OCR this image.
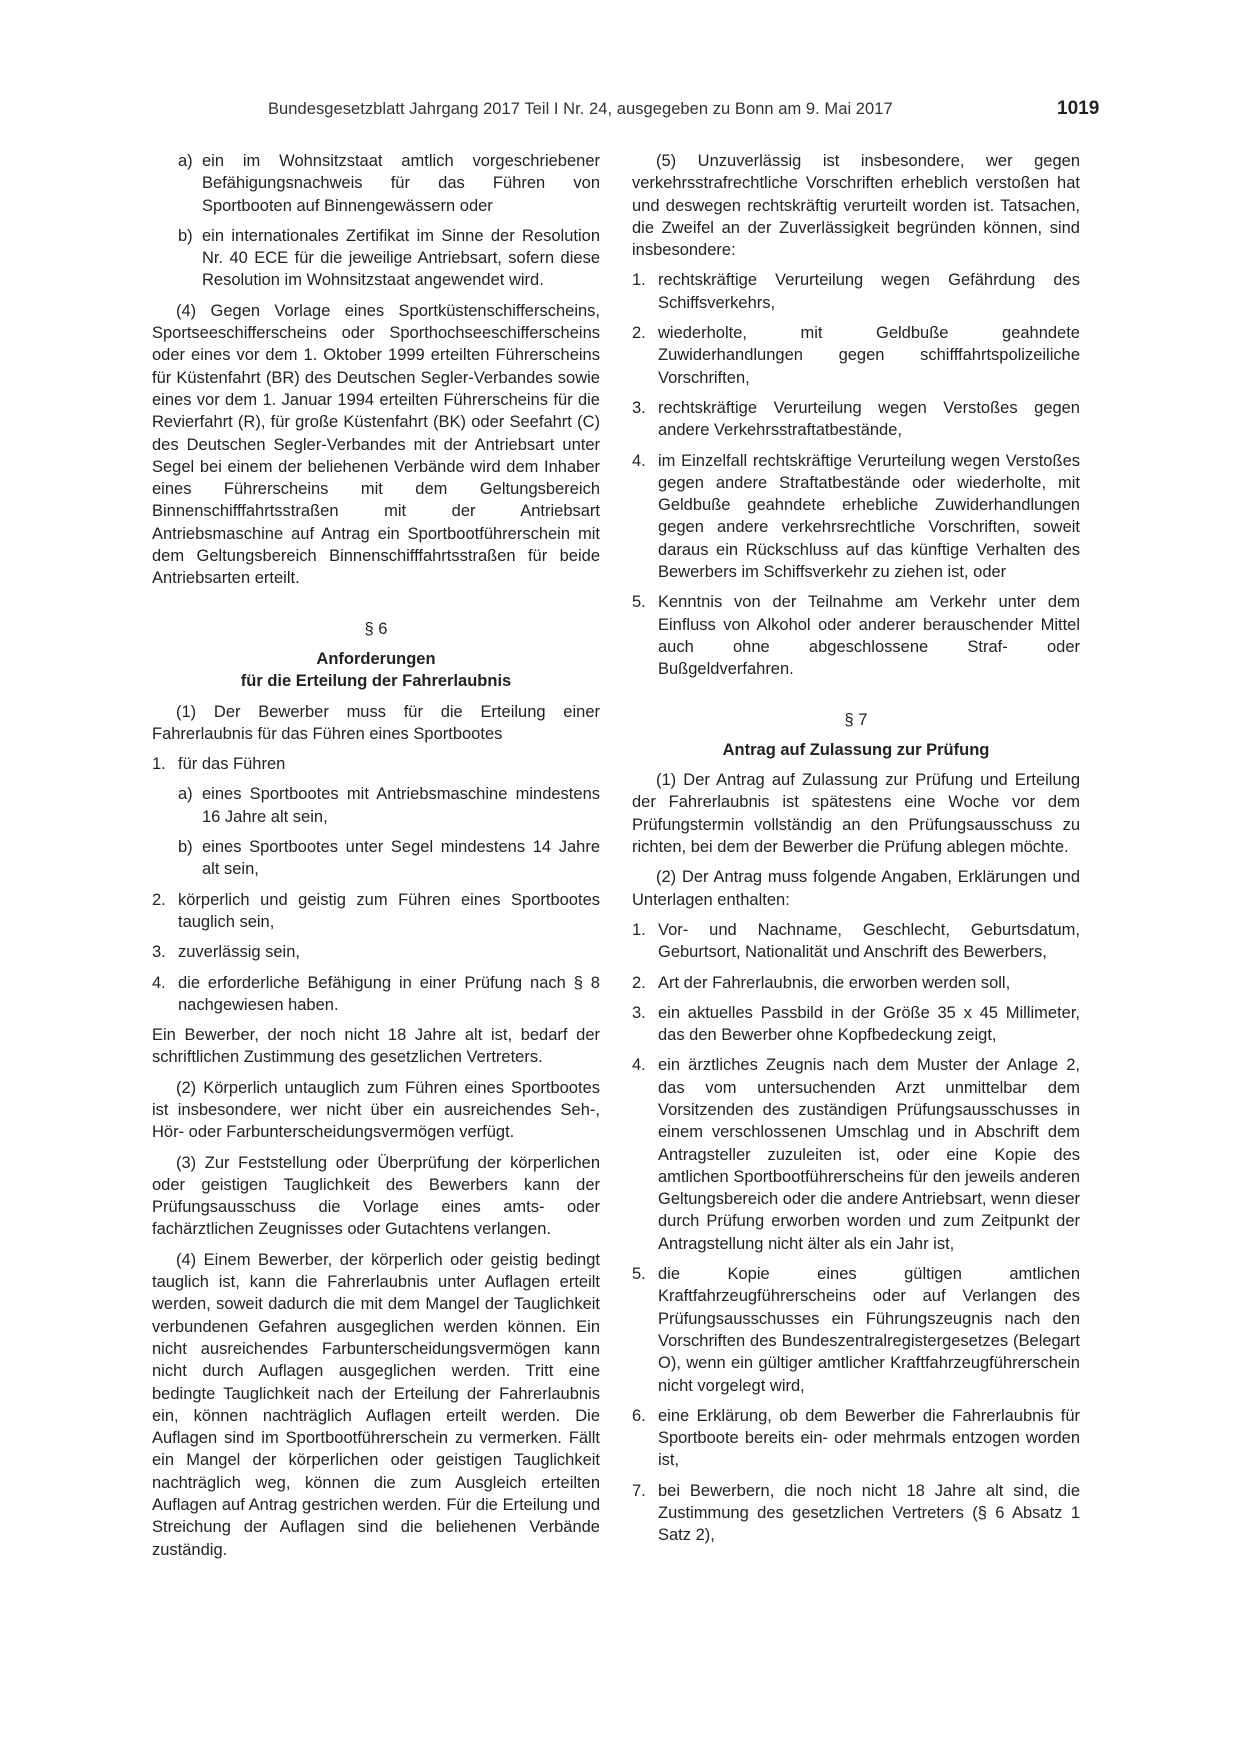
Bundesgesetzblatt Jahrgang 2017 Teil I Nr. 24, ausgegeben zu Bonn am 9. Mai 2017	1019
a) ein im Wohnsitzstaat amtlich vorgeschriebener Befähigungsnachweis für das Führen von Sportbooten auf Binnengewässern oder
b) ein internationales Zertifikat im Sinne der Resolution Nr. 40 ECE für die jeweilige Antriebsart, sofern diese Resolution im Wohnsitzstaat angewendet wird.

(4) Gegen Vorlage eines Sportküstenschifferscheins, Sportseeschifferscheins oder Sporthochseeschifferscheins oder eines vor dem 1. Oktober 1999 erteilten Führerscheins für Küstenfahrt (BR) des Deutschen Segler-Verbandes sowie eines vor dem 1. Januar 1994 erteilten Führerscheins für die Revierfahrt (R), für große Küstenfahrt (BK) oder Seefahrt (C) des Deutschen Segler-Verbandes mit der Antriebsart unter Segel bei einem der beliehenen Verbände wird dem Inhaber eines Führerscheins mit dem Geltungsbereich Binnenschifffahrtsstraßen mit der Antriebsart Antriebsmaschine auf Antrag ein Sportbootführerschein mit dem Geltungsbereich Binnenschifffahrtsstraßen für beide Antriebsarten erteilt.

§ 6
Anforderungen
für die Erteilung der Fahrerlaubnis

(1) Der Bewerber muss für die Erteilung einer Fahrerlaubnis für das Führen eines Sportbootes

1. für das Führen
a) eines Sportbootes mit Antriebsmaschine mindestens 16 Jahre alt sein,
b) eines Sportbootes unter Segel mindestens 14 Jahre alt sein,
2. körperlich und geistig zum Führen eines Sportbootes tauglich sein,
3. zuverlässig sein,
4. die erforderliche Befähigung in einer Prüfung nach § 8 nachgewiesen haben.

Ein Bewerber, der noch nicht 18 Jahre alt ist, bedarf der schriftlichen Zustimmung des gesetzlichen Vertreters.

(2) Körperlich untauglich zum Führen eines Sportbootes ist insbesondere, wer nicht über ein ausreichendes Seh-, Hör- oder Farbunterscheidungsvermögen verfügt.

(3) Zur Feststellung oder Überprüfung der körperlichen oder geistigen Tauglichkeit des Bewerbers kann der Prüfungsausschuss die Vorlage eines amts- oder fachärztlichen Zeugnisses oder Gutachtens verlangen.

(4) Einem Bewerber, der körperlich oder geistig bedingt tauglich ist, kann die Fahrerlaubnis unter Auflagen erteilt werden, soweit dadurch die mit dem Mangel der Tauglichkeit verbundenen Gefahren ausgeglichen werden können. Ein nicht ausreichendes Farbunterscheidungsvermögen kann nicht durch Auflagen ausgeglichen werden. Tritt eine bedingte Tauglichkeit nach der Erteilung der Fahrerlaubnis ein, können nachträglich Auflagen erteilt werden. Die Auflagen sind im Sportbootführerschein zu vermerken. Fällt ein Mangel der körperlichen oder geistigen Tauglichkeit nachträglich weg, können die zum Ausgleich erteilten Auflagen auf Antrag gestrichen werden. Für die Erteilung und Streichung der Auflagen sind die beliehenen Verbände zuständig.

(5) Unzuverlässig ist insbesondere, wer gegen verkehrsstrafrechtliche Vorschriften erheblich verstoßen hat und deswegen rechtskräftig verurteilt worden ist. Tatsachen, die Zweifel an der Zuverlässigkeit begründen können, sind insbesondere:

1. rechtskräftige Verurteilung wegen Gefährdung des Schiffsverkehrs,
2. wiederholte, mit Geldbuße geahndete Zuwiderhandlungen gegen schifffahrtspolizeiliche Vorschriften,
3. rechtskräftige Verurteilung wegen Verstoßes gegen andere Verkehrsstraftatbestände,
4. im Einzelfall rechtskräftige Verurteilung wegen Verstoßes gegen andere Straftatbestände oder wiederholte, mit Geldbuße geahndete erhebliche Zuwiderhandlungen gegen andere verkehrsrechtliche Vorschriften, soweit daraus ein Rückschluss auf das künftige Verhalten des Bewerbers im Schiffsverkehr zu ziehen ist, oder
5. Kenntnis von der Teilnahme am Verkehr unter dem Einfluss von Alkohol oder anderer berauschender Mittel auch ohne abgeschlossene Straf- oder Bußgeldverfahren.
§ 7
Antrag auf Zulassung zur Prüfung

(1) Der Antrag auf Zulassung zur Prüfung und Erteilung der Fahrerlaubnis ist spätestens eine Woche vor dem Prüfungstermin vollständig an den Prüfungsausschuss zu richten, bei dem der Bewerber die Prüfung ablegen möchte.

(2) Der Antrag muss folgende Angaben, Erklärungen und Unterlagen enthalten:

1. Vor- und Nachname, Geschlecht, Geburtsdatum, Geburtsort, Nationalität und Anschrift des Bewerbers,
2. Art der Fahrerlaubnis, die erworben werden soll,
3. ein aktuelles Passbild in der Größe 35 x 45 Millimeter, das den Bewerber ohne Kopfbedeckung zeigt,
4. ein ärztliches Zeugnis nach dem Muster der Anlage 2, das vom untersuchenden Arzt unmittelbar dem Vorsitzenden des zuständigen Prüfungsausschusses in einem verschlossenen Umschlag und in Abschrift dem Antragsteller zuzuleiten ist, oder eine Kopie des amtlichen Sportbootführerscheins für den jeweils anderen Geltungsbereich oder die andere Antriebsart, wenn dieser durch Prüfung erworben worden und zum Zeitpunkt der Antragstellung nicht älter als ein Jahr ist,
5. die Kopie eines gültigen amtlichen Kraftfahrzeugführerscheins oder auf Verlangen des Prüfungsausschusses ein Führungszeugnis nach den Vorschriften des Bundeszentralregistergesetzes (Belegart O), wenn ein gültiger amtlicher Kraftfahrzeugführerschein nicht vorgelegt wird,
6. eine Erklärung, ob dem Bewerber die Fahrerlaubnis für Sportboote bereits ein- oder mehrmals entzogen worden ist,
7. bei Bewerbern, die noch nicht 18 Jahre alt sind, die Zustimmung des gesetzlichen Vertreters (§ 6 Absatz 1 Satz 2),
